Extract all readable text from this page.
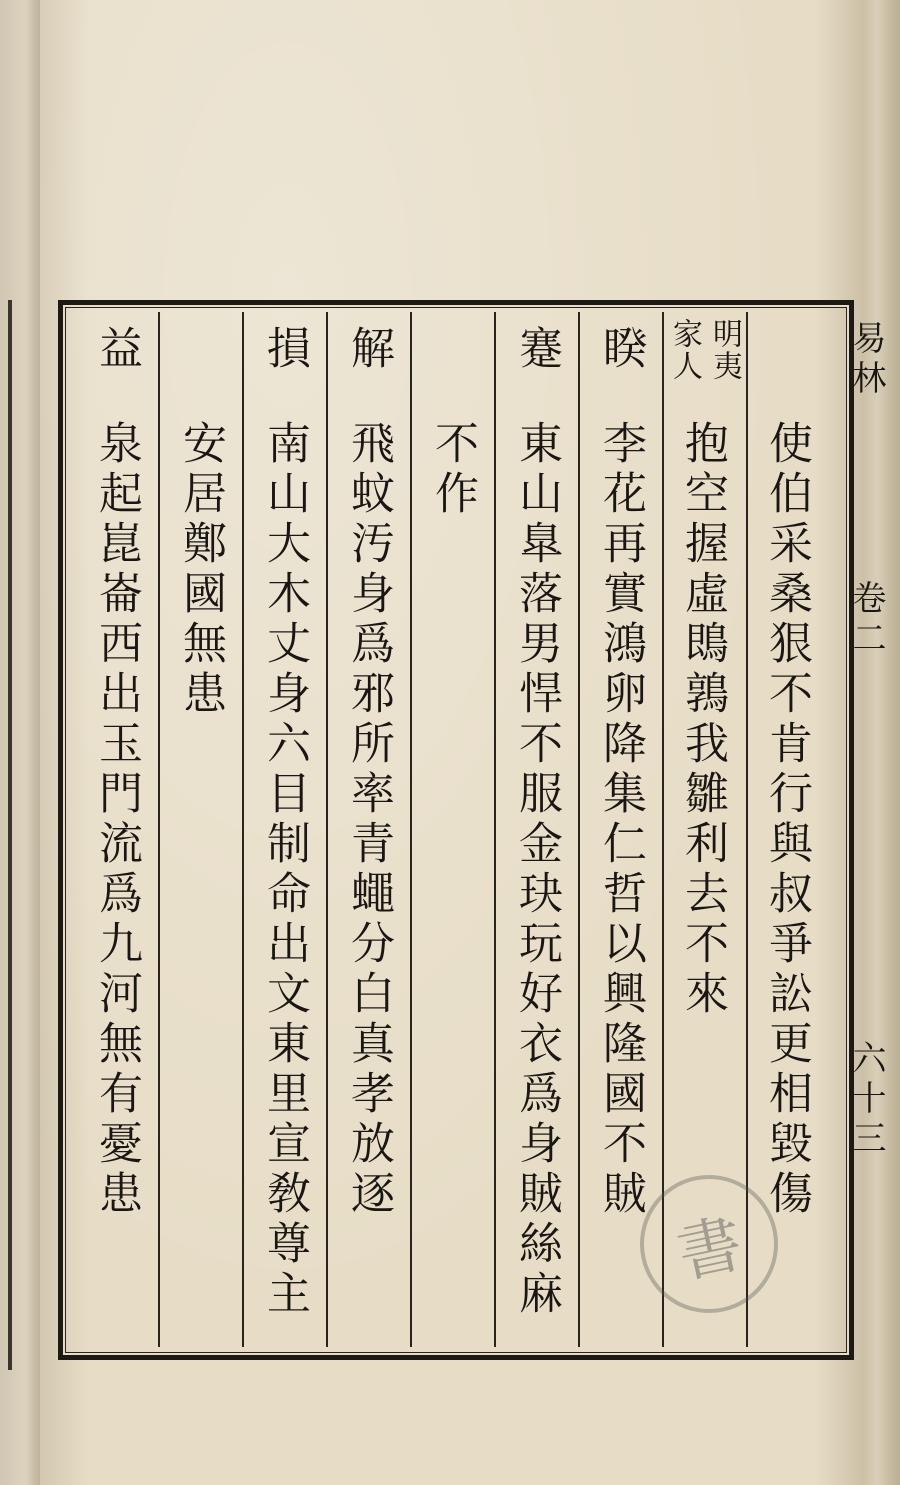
易林
卷二
六十三
使伯采桑狠不肯行與叔爭訟更相毀傷
明夷
抱空握虛鵖鶉我雛利去不來
家人
睽
李花再實鴻卵降集仁哲以興隆國不賊
蹇
東山臯落男悍不服金玦玩好衣爲身賊絲麻
不作
解
飛蚊汚身爲邪所率青蠅分白真孝放逐
損
南山大木丈身六目制命出文東里宣敎尊主
安居鄭國無患
益
泉起崑崙西出玉門流爲九河無有憂患
書
